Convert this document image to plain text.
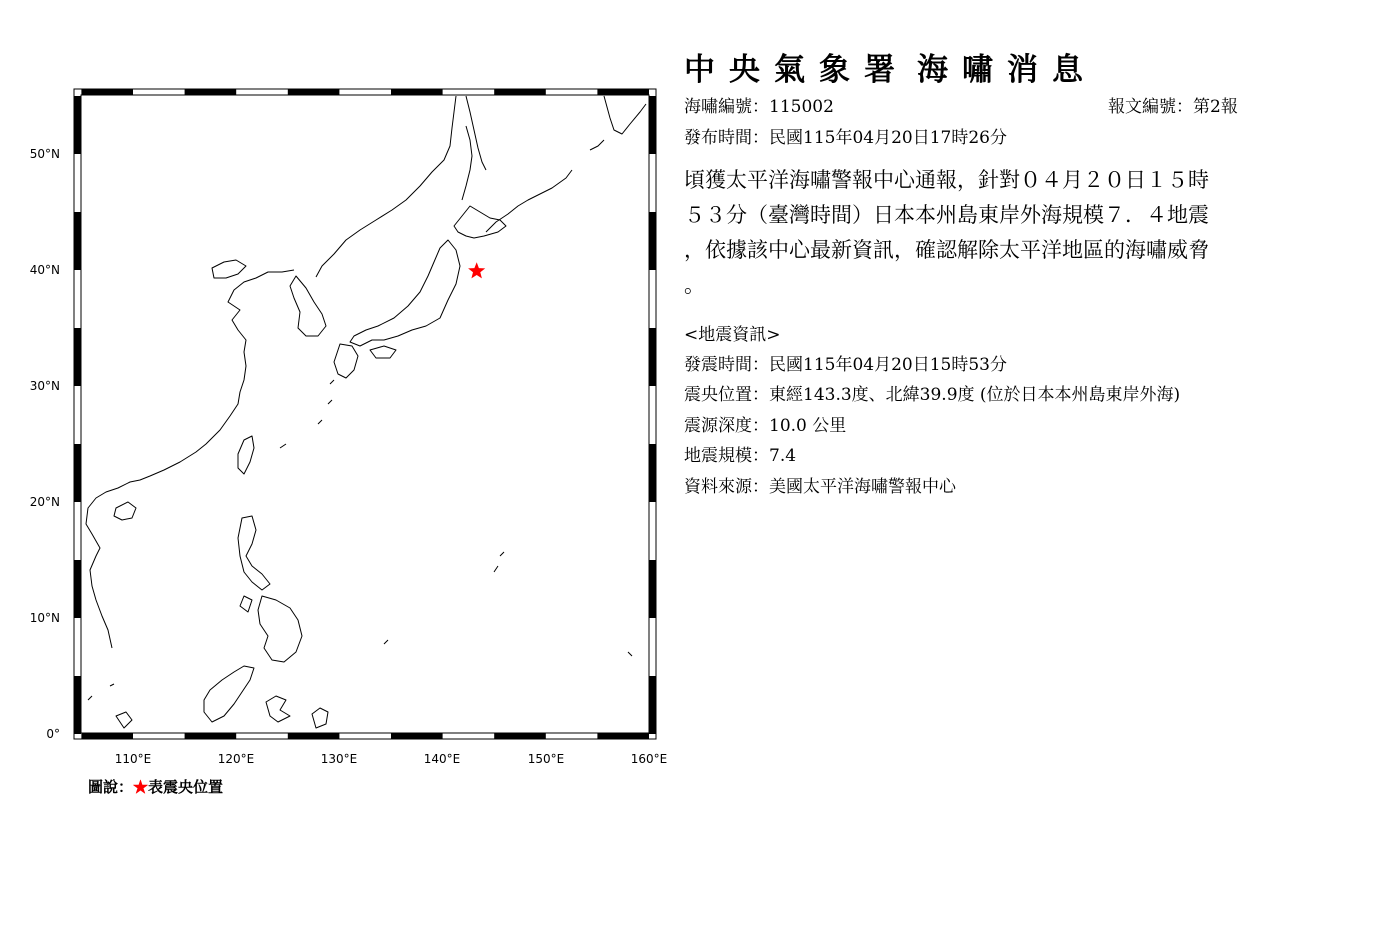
50°N
40°N
30°N
20°N
10°N
0°
110°E	120°E	130°E	140°E	150°E	160°E
圖說：★表震央位置
中央氣象署 海嘯消息
海嘯編號：115002	報文編號：第2報
發布時間：民國115年04月20日17時26分
頃獲太平洋海嘯警報中心通報，針對０４月２０日１５時
５３分（臺灣時間）日本本州島東岸外海規模７．４地震
，依據該中心最新資訊，確認解除太平洋地區的海嘯威脅
。
<地震資訊>
發震時間：民國115年04月20日15時53分
震央位置：東經143.3度、北緯39.9度 (位於日本本州島東岸外海)
震源深度：10.0 公里
地震規模：7.4
資料來源：美國太平洋海嘯警報中心
